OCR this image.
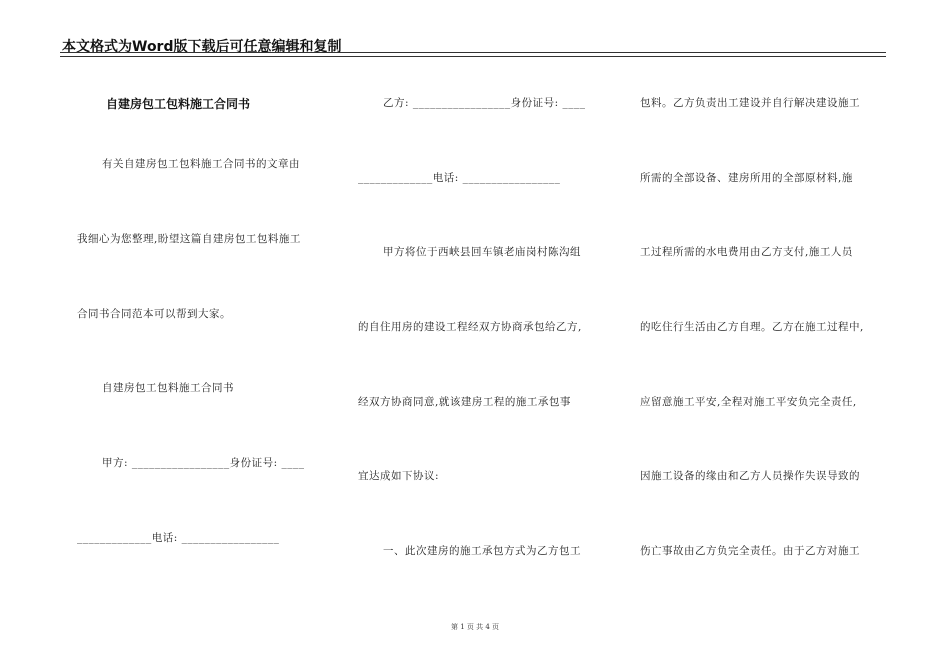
本文格式为Word版下载后可任意编辑和复制
自建房包工包料施工合同书
有关自建房包工包料施工合同书的文章由
我细心为您整理,盼望这篇自建房包工包料施工
合同书合同范本可以帮到大家。
自建房包工包料施工合同书
甲方: _________________身份证号: ____
_____________电话: _________________
乙方: _________________身份证号: ____
_____________电话: _________________
甲方将位于西峡县回车镇老庙岗村陈沟组
的自住用房的建设工程经双方协商承包给乙方,
经双方协商同意,就该建房工程的施工承包事
宜达成如下协议:
一、此次建房的施工承包方式为乙方包工
包料。乙方负责出工建设并自行解决建设施工
所需的全部设备、建房所用的全部原材料,施
工过程所需的水电费用由乙方支付,施工人员
的吃住行生活由乙方自理。乙方在施工过程中,
应留意施工平安,全程对施工平安负完全责任,
因施工设备的缘由和乙方人员操作失误导致的
伤亡事故由乙方负完全责任。由于乙方对施工
第 1 页 共 4 页
